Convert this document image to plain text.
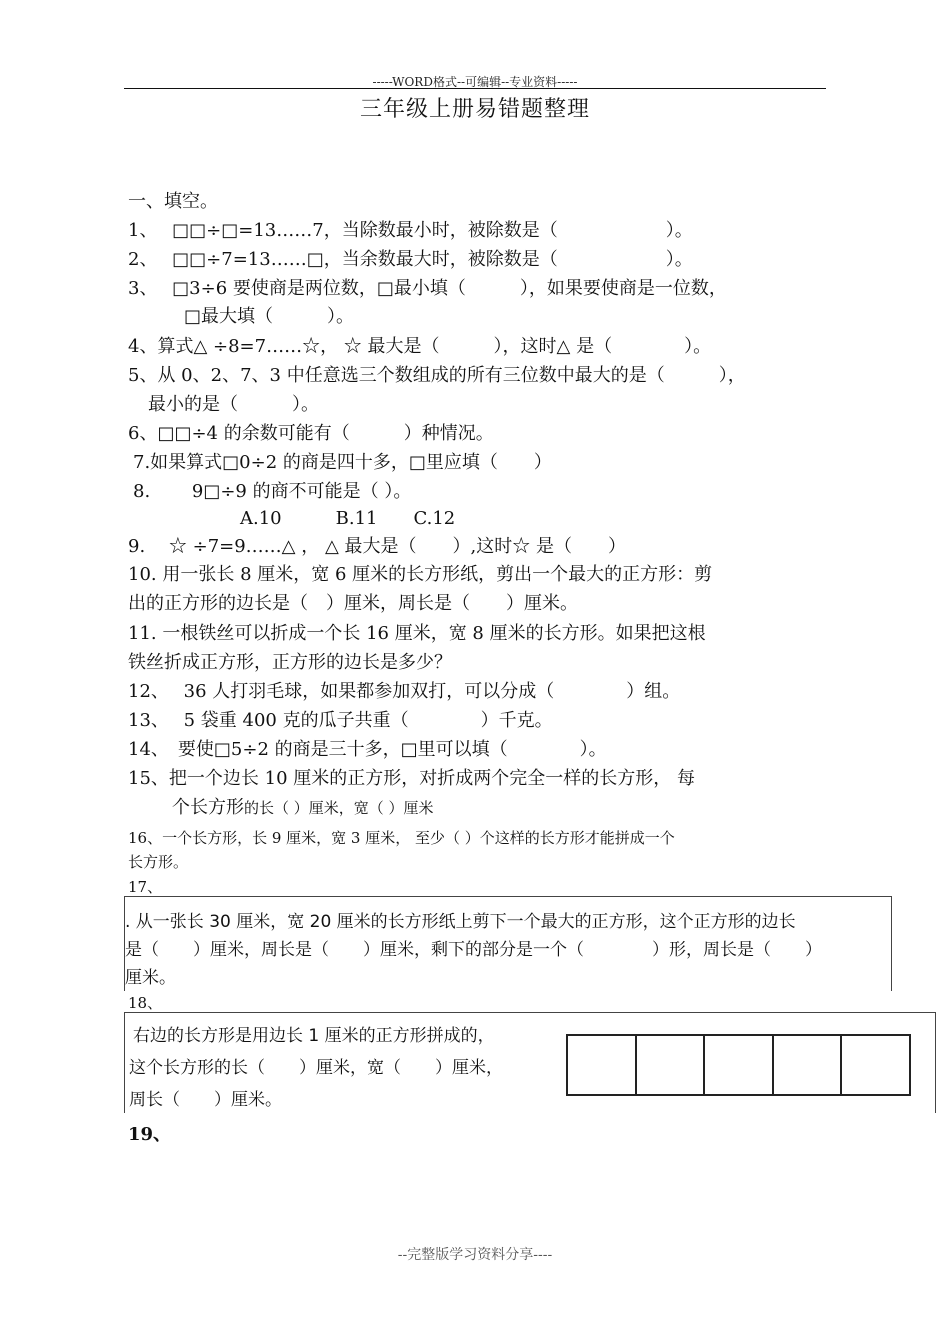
-----WORD格式--可编辑--专业资料-----
三年级上册易错题整理
一、填空。
1、　 □□÷□=13……7，当除数最小时，被除数是（　　　　　　）。
2、　 □□÷7=13……□，当余数最大时，被除数是（　　　　　　）。
3、　 □3÷6 要使商是两位数，□最小填（　　　），如果要使商是一位数，
□最大填（　　　）。
4、算式△ ÷8=7……☆， ☆ 最大是（　　　），这时△ 是（　　　　）。
5、从 0、2、7、3 中任意选三个数组成的所有三位数中最大的是（　　　），
最小的是（　　　）。
6、□□÷4 的余数可能有（　　　）种情况。
7.如果算式□0÷2 的商是四十多，□里应填（　　）
8.　　 9□÷9 的商不可能是（ ）。
A.10　　　B.11　　C.12
9.　 ☆ ÷7=9……△ ， △ 最大是（　　）,这时☆ 是（　　）
10. 用一张长 8 厘米，宽 6 厘米的长方形纸，剪出一个最大的正方形：剪
出的正方形的边长是（　）厘米，周长是（　　）厘米。
11. 一根铁丝可以折成一个长 16 厘米，宽 8 厘米的长方形。如果把这根
铁丝折成正方形，正方形的边长是多少？
12、　 36 人打羽毛球，如果都参加双打，可以分成（　　　　）组。
13、　 5 袋重 400 克的瓜子共重（　　　　）千克。
14、　要使□5÷2 的商是三十多，□里可以填（　　　　）。
15、把一个边长 10 厘米的正方形，对折成两个完全一样的长方形， 每
个长方形的长（ ）厘米，宽（ ）厘米
16、一个长方形，长 9 厘米，宽 3 厘米， 至少（ ）个这样的长方形才能拼成一个
长方形。
17、
. 从一张长 30 厘米，宽 20 厘米的长方形纸上剪下一个最大的正方形，这个正方形的边长
是（　　）厘米，周长是（　　）厘米，剩下的部分是一个（　　　　）形，周长是（　　）
厘米。
18、
右边的长方形是用边长 1 厘米的正方形拼成的，
这个长方形的长（　　）厘米，宽（　　）厘米，
周长（　　）厘米。
19、
--完整版学习资料分享----
